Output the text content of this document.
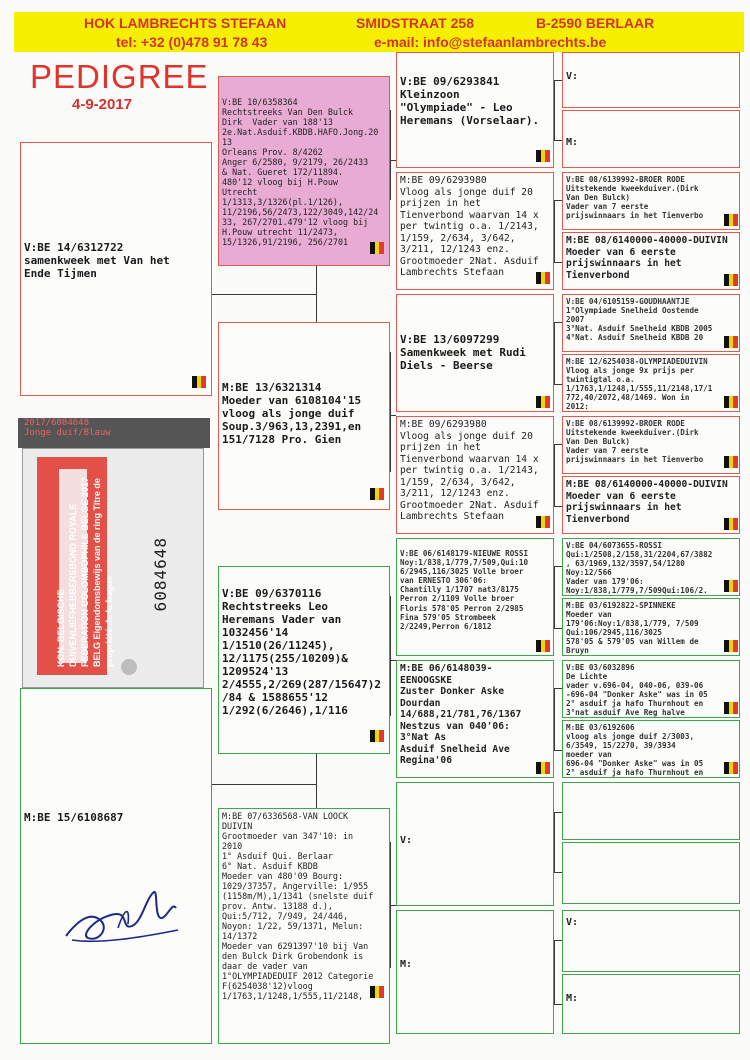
HOK LAMBRECHTS STEFAAN	SMIDSTRAAT 258	B-2590 BERLAAR
tel: +32 (0)478 91 78 43	e-mail: info@stefaanlambrechts.be
PEDIGREE
4-9-2017
V:BE 14/6312722
samenkweek met Van het
Ende Tijmen
M:BE 15/6108687
2017/6084648
Jonge duif/Blauw
KON. BELGISCHE DUIVENLIEFHEBBERSBOND ROYALE FEDERATION COLOMBOPHILE BELGE 2017 BELG Eigendomsbewijs van de ring Titre de propriété de la bague
6084648
V:BE 10/6358364
Rechtstreeks Van Den Bulck
Dirk  Vader van 188'13
2e.Nat.Asduif.KBDB.HAFO.Jong.20
13
Orleans Prov. 8/4262
Anger 6/2580, 9/2179, 26/2433
& Nat. Gueret 172/11894.
480'12 vloog bij H.Pouw
Utrecht
1/1313,3/1326(pl.1/126),
11/2196,56/2473,122/3049,142/24
33, 267/2701.479'12 vloog bij
H.Pouw utrecht 11/2473,
15/1326,91/2196, 256/2701
M:BE 13/6321314
Moeder van 6108104'15
vloog als jonge duif
Soup.3/963,13,2391,en
151/7128 Pro. Gien
V:BE 09/6370116
Rechtstreeks Leo
Heremans Vader van
1032456'14
1/1510(26/11245),
12/1175(255/10209)&
1209524'13
2/4555,2/269(287/15647)2
/84 & 1588655'12
1/292(6/2646),1/116
M:BE 07/6336568-VAN LOOCK
DUIVIN
Grootmoeder van 347'10: in
2010
1° Asduif Qui. Berlaar
6° Nat. Asduif KBDB
Moeder van 480'09 Bourg:
1029/37357, Angerville: 1/955
(1158m/M),1/1341 (snelste duif
prov. Antw. 13188 d.),
Qui:5/712, 7/949, 24/446,
Noyon: 1/22, 59/1371, Melun:
14/1372
Moeder van 6291397'10 bij Van
den Bulck Dirk Grobendonk is
daar de vader van
1°OLYMPIADEDUIF 2012 Categorie
F(6254038'12)vloog
1/1763,1/1248,1/555,11/2148,
V:BE 09/6293841
Kleinzoon
"Olympiade" - Leo
Heremans (Vorselaar).
M:BE 09/6293980
Vloog als jonge duif 20
prijzen in het
Tienverbond waarvan 14 x
per twintig o.a. 1/2143,
1/159, 2/634, 3/642,
3/211, 12/1243 enz.
Grootmoeder 2Nat. Asduif
Lambrechts Stefaan
V:BE 13/6097299
Samenkweek met Rudi
Diels - Beerse
M:BE 09/6293980
Vloog als jonge duif 20
prijzen in het
Tienverbond waarvan 14 x
per twintig o.a. 1/2143,
1/159, 2/634, 3/642,
3/211, 12/1243 enz.
Grootmoeder 2Nat. Asduif
Lambrechts Stefaan
V:BE 06/6148179-NIEUWE ROSSI
Noy:1/838,1/779,7/509,Qui:10
6/2945,116/3025 Volle broer
van ERNESTO 306'06:
Chantilly 1/1707 nat3/8175
Perron 2/1109 Volle broer
Floris 578'05 Perron 2/2985
Fina 579'05 Strombeek
2/2249,Perron 6/1812
M:BE 06/6148039-
EENOOGSKE
Zuster Donker Aske
Dourdan
14/688,21/781,76/1367
Nestzus van 040'06:
3°Nat As
Asduif Snelheid Ave
Regina'06
V:
M:
V:
M:
V:BE 08/6139992-BROER RODE
Uitstekende kweekduiver.(Dirk
Van Den Bulck)
Vader van 7 eerste
prijswinnaars in het Tienverbo
M:BE 08/6140000-40000-DUIVIN
Moeder van 6 eerste
prijswinnaars in het
Tienverbond
V:BE 04/6105159-GOUDHAANTJE
1°Olympiade Snelheid Oostende
2007
3°Nat. Asduif Snelheid KBDB 2005
4°Nat. Asduif Snelheid KBDB 20
M:BE 12/6254038-OLYMPIADEDUIVIN
Vloog als jonge 9x prijs per
twintigtal o.a.
1/1763,1/1248,1/555,11/2148,17/1
772,40/2072,48/1469. Won in
2012:
V:BE 08/6139992-BROER RODE
Uitstekende kweekduiver.(Dirk
Van Den Bulck)
Vader van 7 eerste
prijswinnaars in het Tienverbo
M:BE 08/6140000-40000-DUIVIN
Moeder van 6 eerste
prijswinnaars in het
Tienverbond
V:BE 04/6073655-ROSSI
Qui:1/2508,2/158,31/2204,67/3882
, 63/1969,132/3597,54/1280
Noy:12/566
Vader van 179'06:
Noy:1/838,1/779,7/509Qui:106/2.
M:BE 03/6192822-SPINNEKE
Moeder van
179'06:Noy:1/838,1/779, 7/509
Qui:106/2945,116/3025
578'05 & 579'05 van Willem de
Bruyn
V:BE 03/6032896
De Lichte
vader v.696-04, 040-06, 039-06
-696-04 "Donker Aske" was in 05
2° asduif ja hafo Thurnhout en
3°nat asduif Ave Reg halve
M:BE 03/6192606
vloog als jonge duif 2/3003,
6/3549, 15/2270, 39/3934
moeder van
696-04 "Donker Aske" was in 05
2° asduif ja hafo Thurnhout en
V:
M:
